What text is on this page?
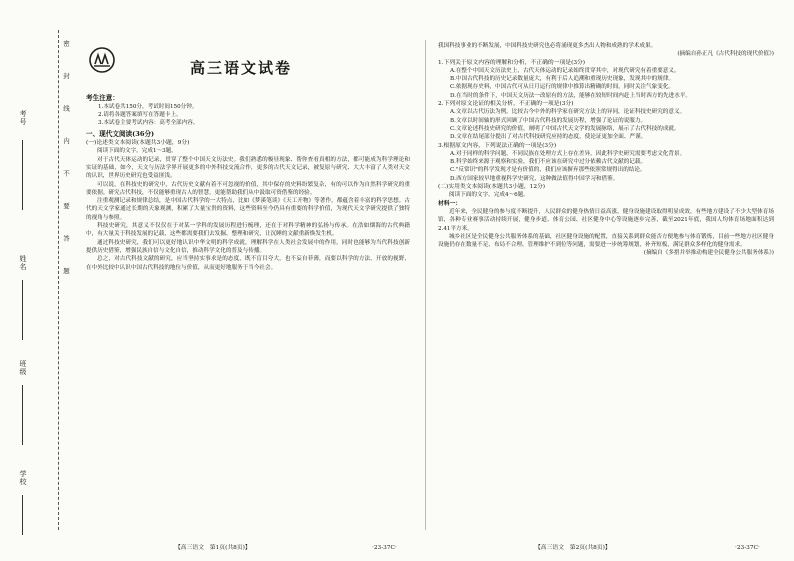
考号
姓名
班级
学校
密封线内不要答题	高三语文试卷
考生注意：

1.本试卷共150分，考试时间150分钟。

2.请将各题答案填写在答题卡上。

3.本试卷主要考试内容：高考全部内容。

一、现代文阅读(36分)

(一)论述类文本阅读(本题共3小题，9分)

阅读下面的文字，完成1～3题。

对于古代天体运动的记录，贯穿了整个中国天文历法史。我们熟悉的极昼现象、帮你查看真相的方法，都可能成为科学理论和实证的基础，如今，天文与历法学界开展更多的中外科技交流合作，更多的古代天文记录，被复原与研究、大大丰富了人类对天文的认识，世界历史研究也受益匪浅。

可以说，在科技史的研究中，古代历史文献有着不可忽视的价值，其中保存的史料纷繁复杂，有的可以作为自然科学研究的重要依据。研究古代科技，不仅能够重现古人的智慧，更能帮助我们从中汲取可资借鉴的经验。

注重观测记录和规律总结，是中国古代科学的一大特点，比如《梦溪笔谈》《天工开物》等著作，都蕴含着丰富的科学思想。古代的天文学家通过长期的天象观测，积累了大量宝贵的资料，这些资料至今仍具有重要的科学价值，为现代天文学研究提供了独特的视角与参照。

科技史研究，其意义不仅仅在于对某一学科的发展历程进行梳理，还在于对科学精神的弘扬与传承。在浩如烟海的古代典籍中，有大量关于科技发展的记载，这些都需要我们去发掘、整理和研究，让沉睡的文献重新焕发生机。

通过科技史研究，我们可以更好地认识中华文明的科学成就，理解科学在人类社会发展中的作用，同时也能够为当代科技创新提供历史借鉴，增强民族自信与文化自信，推动科学文化的普及与传播。

总之，对古代科技文献的研究，应当坚持实事求是的态度，既不盲目夸大，也不妄自菲薄，而要以科学的方法、开放的视野，在中外比较中认识中国古代科技的地位与价值，从而更好地服务于当今社会。

我国科技事业的不断发展，中国科技史研究也必将涌现更多杰出人物和成熟的学术成果。

(摘编自孙正凡《古代科技的现代价值》)

1.下列关于原文内容的理解和分析，不正确的一项是(3分)

A.在整个中国天文历法史上，古代天体运动的记录始终贯穿其中，对现代研究有着重要意义。

B.中国古代科技的历史记录数量庞大，有利于后人追溯和重现历史现象，发现其中的规律。

C.依据现存史料，中国古代可从日月运行的规律中推算出精确的时间，同时关注气象变化。

D.在当时的条件下，中国天文历法一改原有的方法，能够在较短时间内赶上当时西方的先进水平。

2.下列对原文论证的相关分析，不正确的一项是(3分)

A.文章以古代历法为例，比较古今中外的科学家在研究方法上的异同，论证科技史研究的意义。

B.文章以时间轴的形式回顾了中国古代科技的发展历程，增强了论证的说服力。

C.文章论述科技史研究的价值，阐明了中国古代天文学的发展脉络，展示了古代科技的成就。

D.文章在结尾部分提出了对古代科技研究应持的态度，使论证更加全面、严谨。

3.根据原文内容，下列说法正确的一项是(3分)

A.对于同样的科学问题，不同民族在处理方式上存在差异，因此科学史研究需要考虑文化背景。

B.科学始终来源于观察和实验，我们不应该在研究中过分依赖古代文献的记载。

C."反常识"的科学发现才是有价值的，我们应该摒弃那些依照常规得出的结论。

D.西方国家较早地重视科学史研究，这种做法值得中国学习和借鉴。

(二)实用类文本阅读(本题共3小题，12分)

阅读下面的文字，完成4～6题。

材料一：

近年来，全民健身的参与度不断提升，人民群众的健身热情日益高涨，健身设施建设取得明显成效。有些地方建设了不少大型体育场馆，各种专业赛事活动持续开展，健身步道、体育公园、社区健身中心等设施逐步完善，截至2021年底，我国人均体育场地面积达到2.41平方米。

城乡社区是全民健身公共服务体系的基础，社区健身设施的配置，直接关系到群众能否方便地参与体育锻炼，目前一些地方社区健身设施仍存在数量不足、布局不合理、管理维护不到位等问题，需要进一步统筹规划，补齐短板，满足群众多样化的健身需求。

(摘编自《多措并举推动构建全民健身公共服务体系》)

【高三语文　第1页(共8页)】	·23-37C·	【高三语文　第2页(共8页)】	·23-37C·
